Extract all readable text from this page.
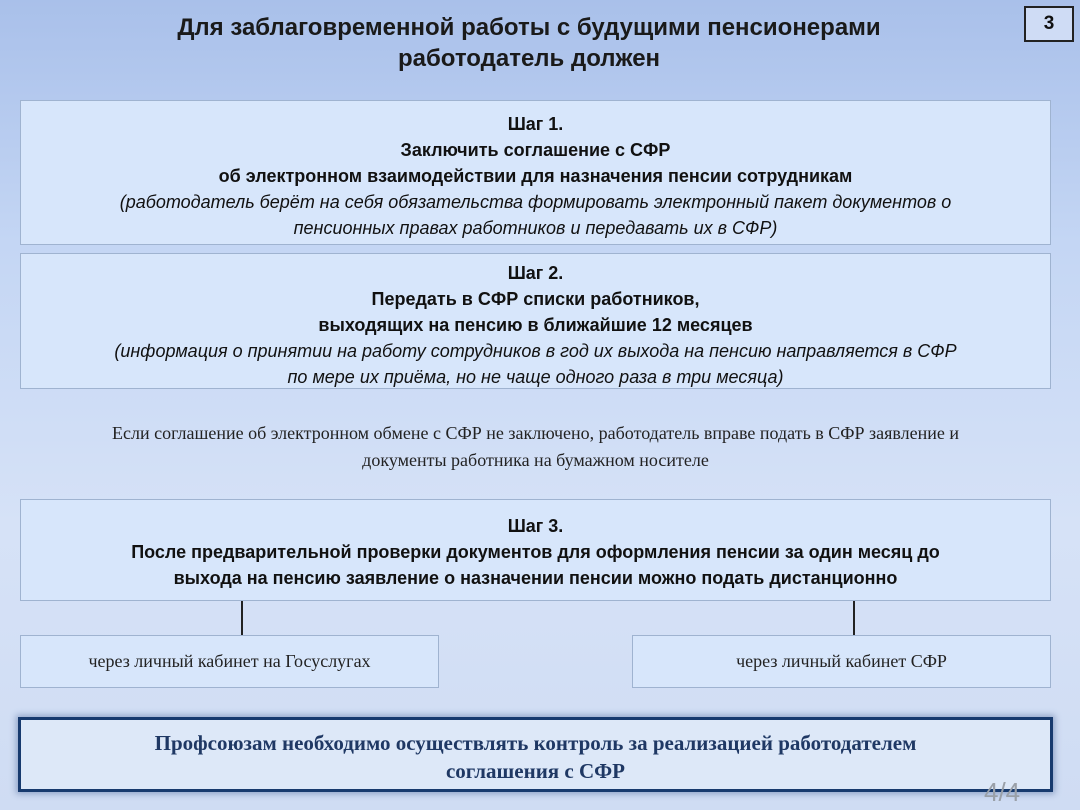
Для заблаговременной работы с будущими пенсионерами
работодатель должен
3
Шаг 1.
Заключить соглашение с СФР
об электронном взаимодействии для назначения пенсии сотрудникам
(работодатель берёт на себя обязательства формировать электронный пакет документов о
пенсионных правах работников и передавать их в СФР)
Шаг 2.
Передать в СФР списки работников,
выходящих на пенсию в ближайшие 12 месяцев
(информация о принятии на работу сотрудников в год их выхода на пенсию направляется в СФР
по мере их приёма, но не чаще одного раза в три месяца)
Если соглашение об электронном обмене с СФР не заключено, работодатель вправе подать в СФР заявление и
документы работника на бумажном носителе
Шаг 3.
После предварительной проверки документов для оформления пенсии за один месяц до
выхода на пенсию заявление о назначении пенсии можно подать дистанционно
через личный кабинет на Госуслугах	через личный кабинет СФР
Профсоюзам необходимо осуществлять контроль за реализацией работодателем
соглашения с СФР
4/4
